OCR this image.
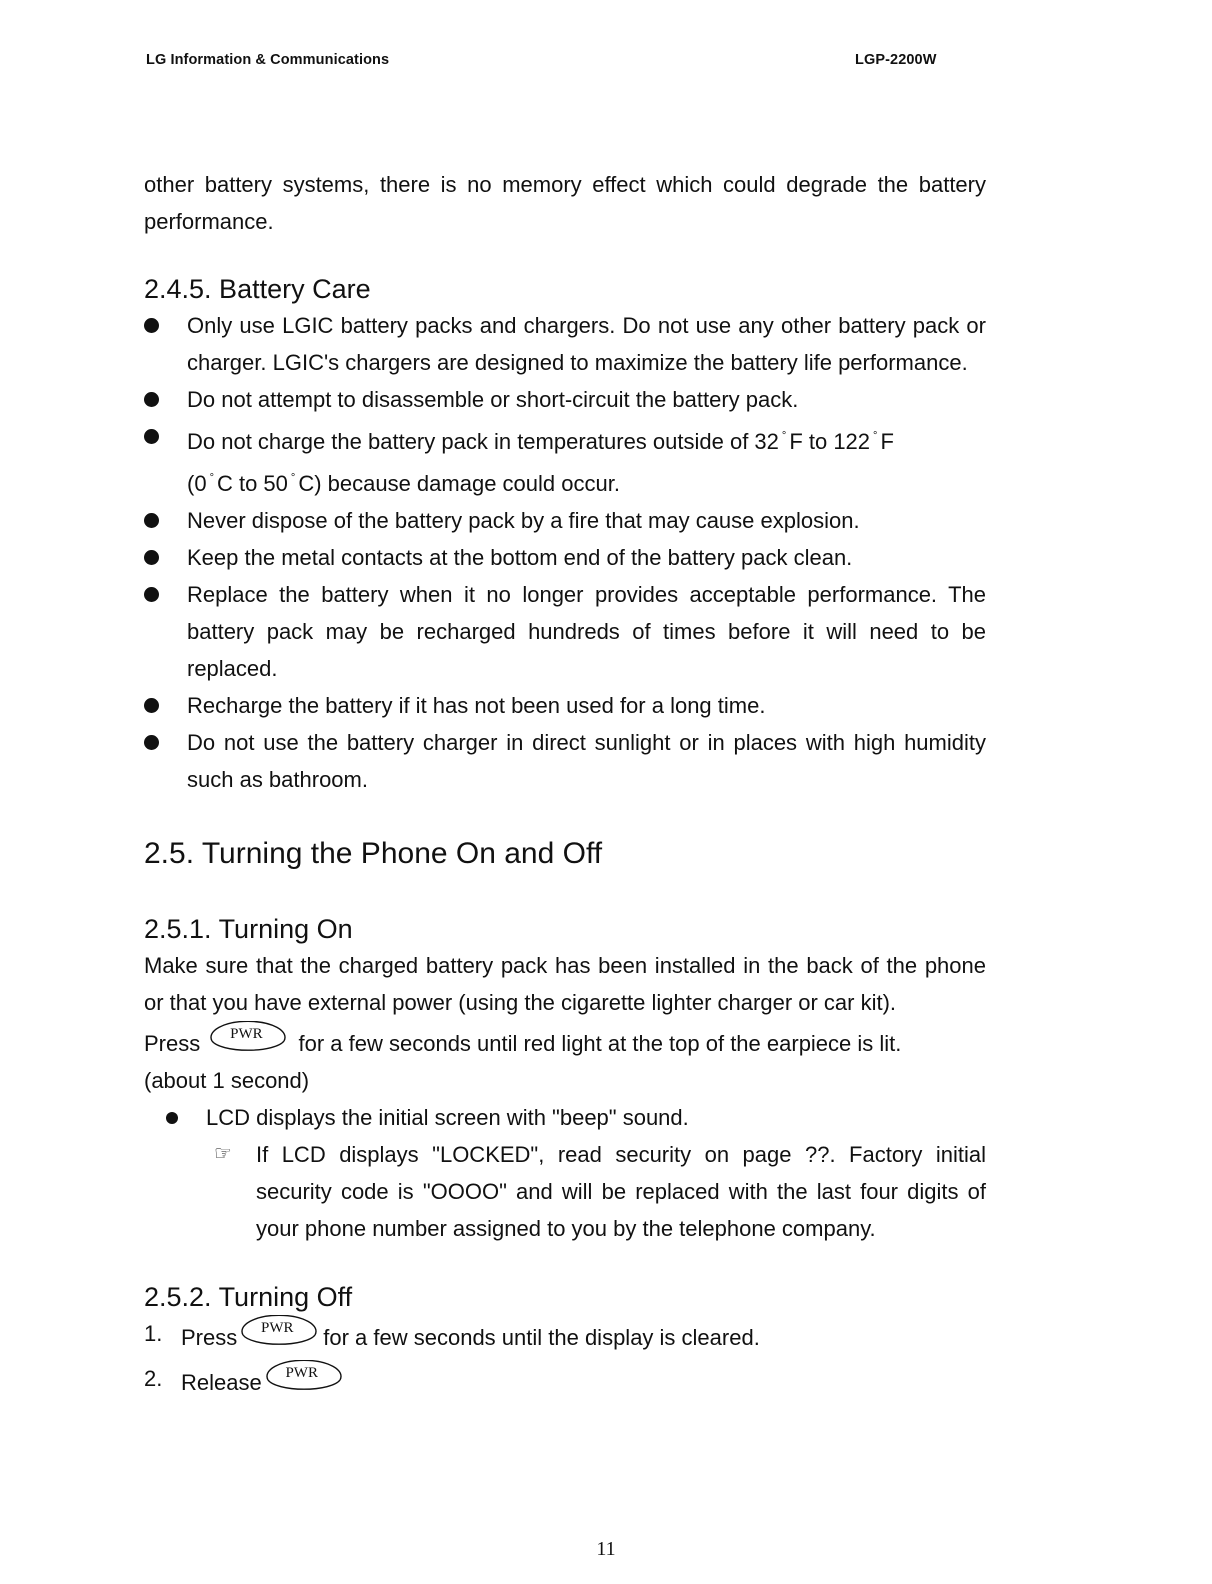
LG Information & Communications	LGP-2200W
other battery systems, there is no memory effect which could degrade the battery performance.
2.4.5. Battery Care
Only use LGIC battery packs and chargers. Do not use any other battery pack or charger. LGIC's chargers are designed to maximize the battery life performance.
Do not attempt to disassemble or short-circuit the battery pack.
Do not charge the battery pack in temperatures outside of 32 ° F to 122 ° F
(0 ° C to 50 ° C) because damage could occur.
Never dispose of the battery pack by a fire that may cause explosion.
Keep the metal contacts at the bottom end of the battery pack clean.
Replace the battery when it no longer provides acceptable performance. The battery pack may be recharged hundreds of times before it will need to be replaced.
Recharge the battery if it has not been used for a long time.
Do not use the battery charger in direct sunlight or in places with high humidity such as bathroom.
2.5. Turning the Phone On and Off
2.5.1. Turning On
Make sure that the charged battery pack has been installed in the back of the phone or that you have external power (using the cigarette lighter charger or car kit).
Press	PWR	for a few seconds until red light at the top of the earpiece is lit.
(about 1 second)
LCD displays the initial screen with "beep" sound.
☞ If LCD displays "LOCKED", read security on page ??. Factory initial security code is "OOOO" and will be replaced with the last four digits of your phone number assigned to you by the telephone company.
2.5.2. Turning Off
1. Press	PWR	for a few seconds until the display is cleared.
2. Release	PWR
11
